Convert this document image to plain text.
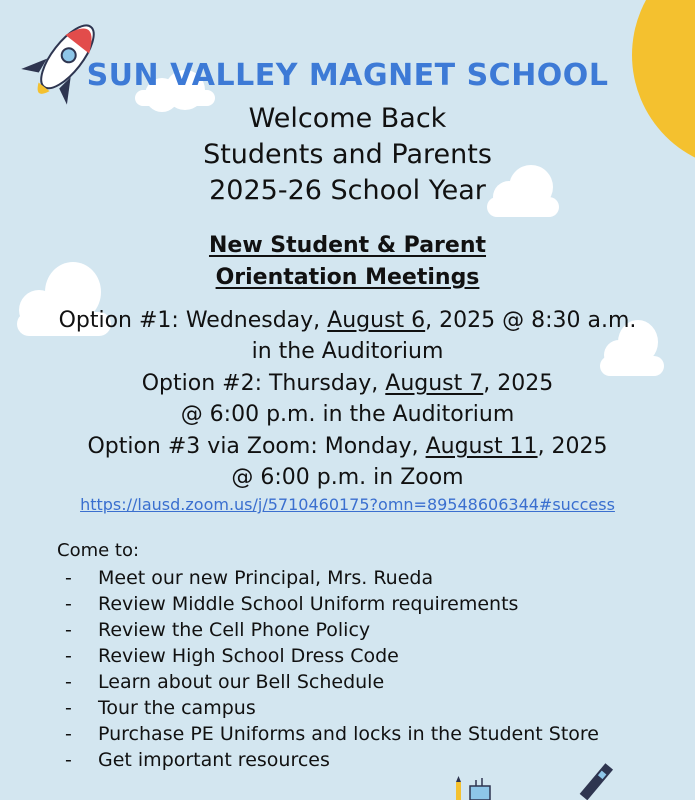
SUN VALLEY MAGNET SCHOOL
Welcome Back
Students and Parents
2025-26 School Year
New Student & Parent
Orientation Meetings
Option #1: Wednesday, August 6, 2025 @ 8:30 a.m.
in the Auditorium
Option #2: Thursday, August 7, 2025
@ 6:00 p.m. in the Auditorium
Option #3 via Zoom: Monday, August 11, 2025
@ 6:00 p.m. in Zoom
https://lausd.zoom.us/j/5710460175?omn=89548606344#success
Come to:
- Meet our new Principal, Mrs. Rueda
- Review Middle School Uniform requirements
- Review the Cell Phone Policy
- Review High School Dress Code
- Learn about our Bell Schedule
- Tour the campus
- Purchase PE Uniforms and locks in the Student Store
- Get important resources
